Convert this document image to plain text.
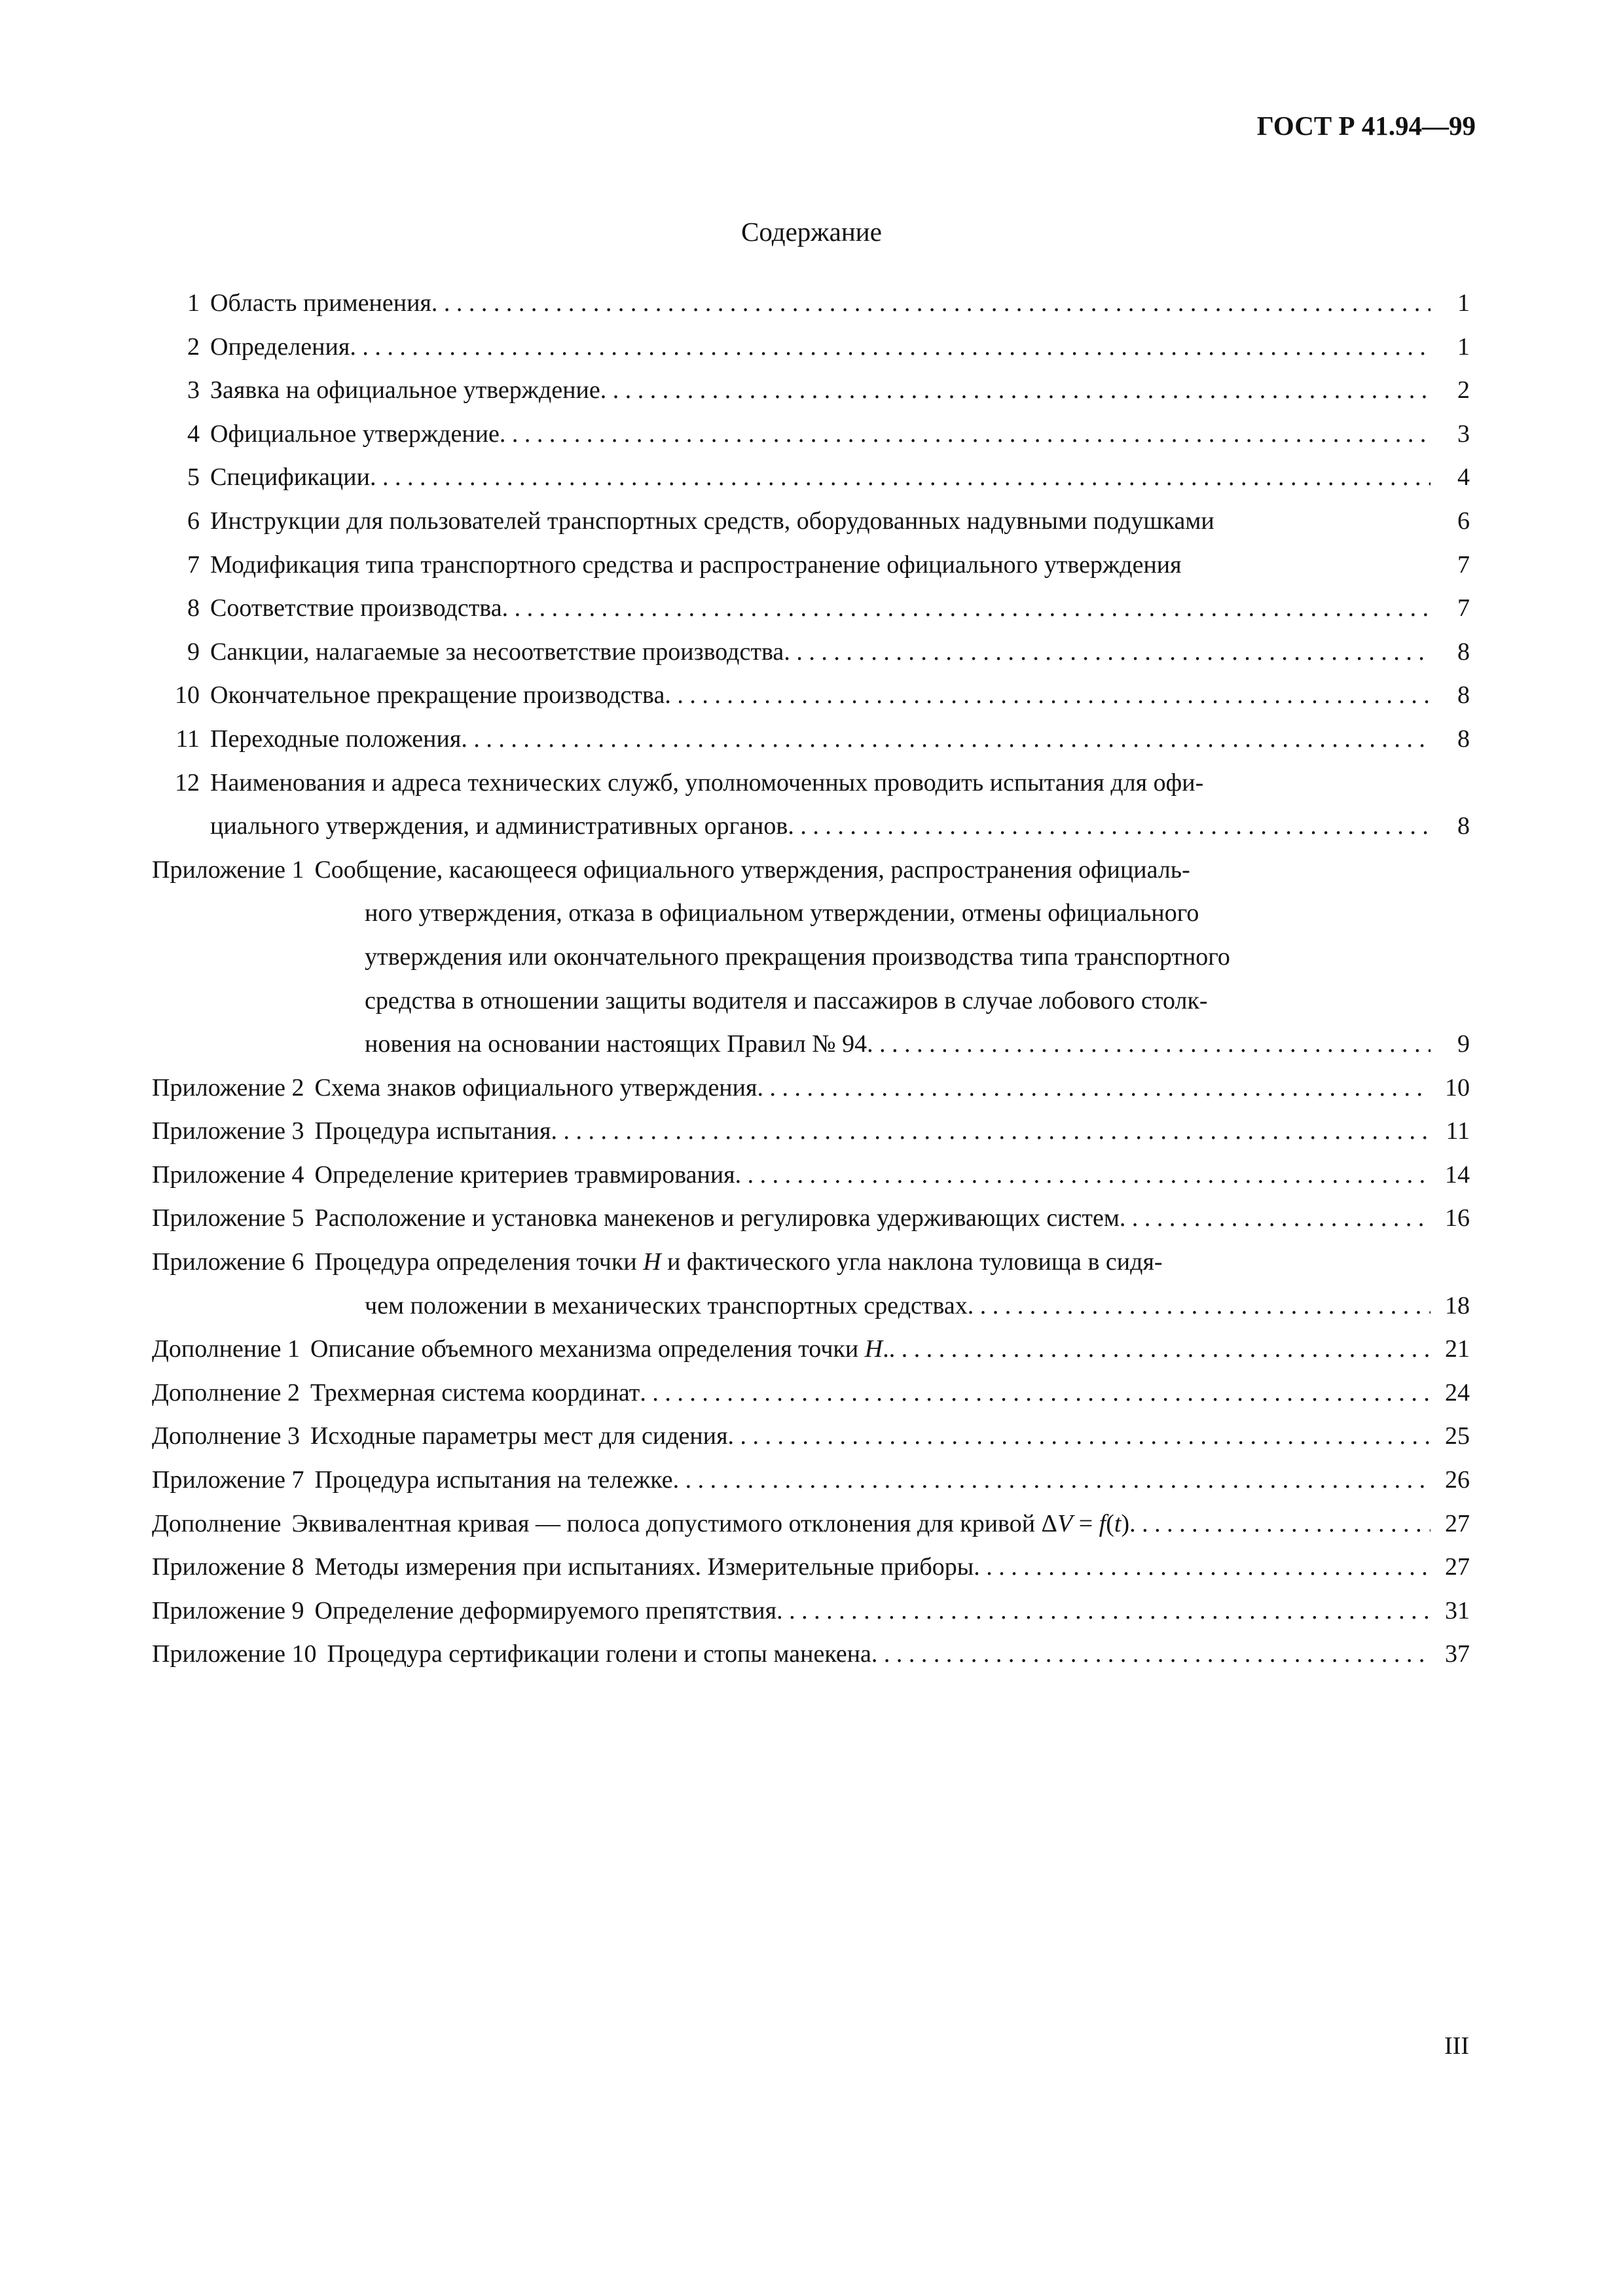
ГОСТ Р 41.94—99
Содержание
1 Область применения . . .	1
2 Определения . . .	1
3 Заявка на официальное утверждение . . .	2
4 Официальное утверждение . . .	3
5 Спецификации . . .	4
6 Инструкции для пользователей транспортных средств, оборудованных надувными подушками	6
7 Модификация типа транспортного средства и распространение официального утверждения	7
8 Соответствие производства . . .	7
9 Санкции, налагаемые за несоответствие производства . . .	8
10 Окончательное прекращение производства . . .	8
11 Переходные положения . . .	8
12 Наименования и адреса технических служб, уполномоченных проводить испытания для офи-
циального утверждения, и административных органов . . .	8
Приложение 1 Сообщение, касающееся официального утверждения, распространения официаль-
ного утверждения, отказа в официальном утверждении, отмены официального
утверждения или окончательного прекращения производства типа транспортного
средства в отношении защиты водителя и пассажиров в случае лобового столк-
новения на основании настоящих Правил № 94 . . .	9
Приложение 2 Схема знаков официального утверждения . . .	10
Приложение 3 Процедура испытания . . .	11
Приложение 4 Определение критериев травмирования . . .	14
Приложение 5 Расположение и установка манекенов и регулировка удерживающих систем . . .	16
Приложение 6 Процедура определения точки H и фактического угла наклона туловища в сидя-
чем положении в механических транспортных средствах . . .	18
Дополнение 1 Описание объемного механизма определения точки H. . . .	21
Дополнение 2 Трехмерная система координат . . .	24
Дополнение 3 Исходные параметры мест для сидения . . .	25
Приложение 7 Процедура испытания на тележке . . .	26
Дополнение Эквивалентная кривая — полоса допустимого отклонения для кривой ΔV = f(t) . . .	27
Приложение 8 Методы измерения при испытаниях. Измерительные приборы . . .	27
Приложение 9 Определение деформируемого препятствия . . .	31
Приложение 10 Процедура сертификации голени и стопы манекена . . .	37
III
